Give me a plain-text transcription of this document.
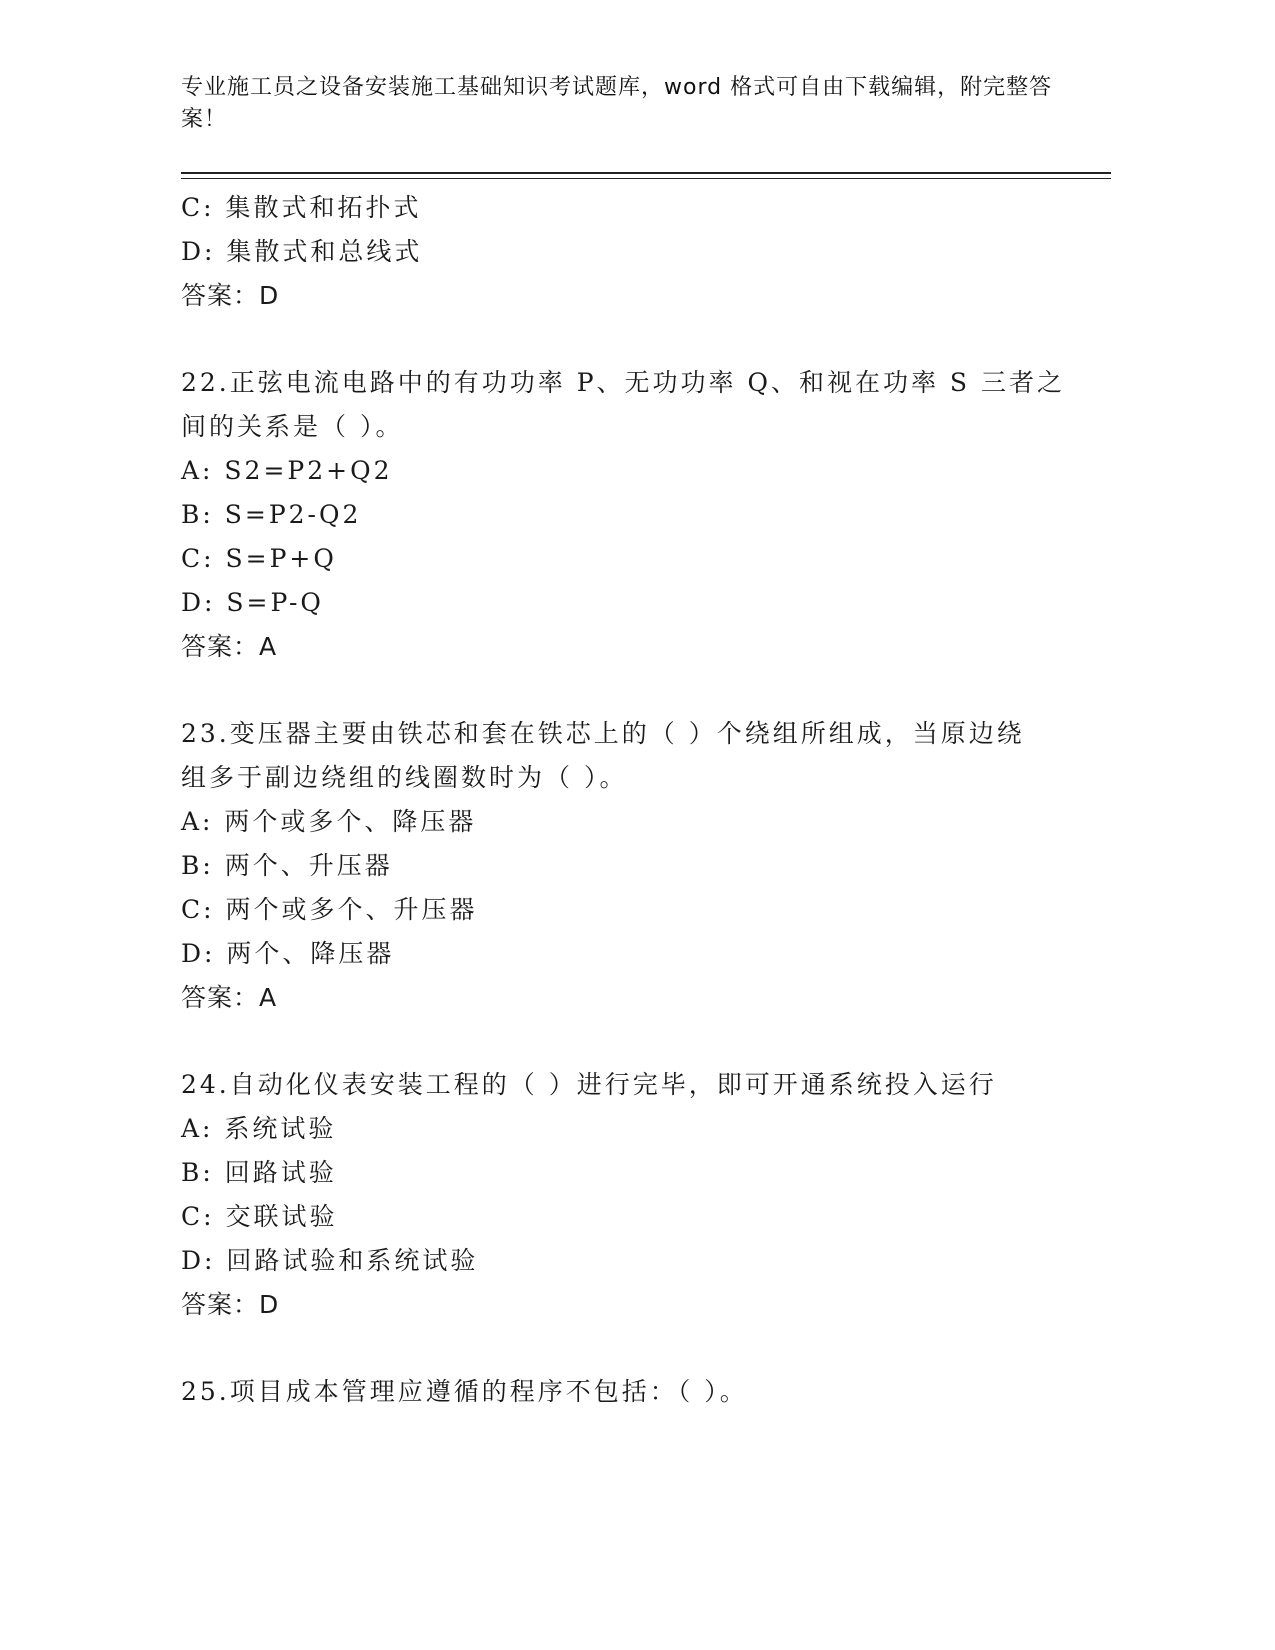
专业施工员之设备安装施工基础知识考试题库，word 格式可自由下载编辑，附完整答案！
C: 集散式和拓扑式
D: 集散式和总线式
答案：D
22.正弦电流电路中的有功功率 P、无功功率 Q、和视在功率 S 三者之
间的关系是（ ）。
A: S2=P2+Q2
B: S=P2-Q2
C: S=P+Q
D: S=P-Q
答案：A
23.变压器主要由铁芯和套在铁芯上的（ ）个绕组所组成，当原边绕
组多于副边绕组的线圈数时为（ ）。
A: 两个或多个、降压器
B: 两个、升压器
C: 两个或多个、升压器
D: 两个、降压器
答案：A
24.自动化仪表安装工程的（ ）进行完毕，即可开通系统投入运行
A: 系统试验
B: 回路试验
C: 交联试验
D: 回路试验和系统试验
答案：D
25.项目成本管理应遵循的程序不包括：（ ）。
